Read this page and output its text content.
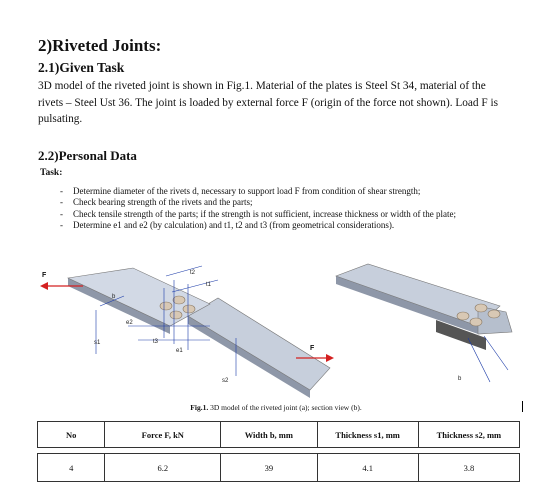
2)Riveted Joints:
2.1)Given Task
3D model of the riveted joint is shown in Fig.1. Material of the plates is Steel St 34, material of the rivets – Steel Ust 36. The joint is loaded by external force F (origin of the force not shown). Load F is pulsating.
2.2)Personal Data
Task:
- Determine diameter of the rivets d, necessary to support load F from condition of shear strength;
- Check bearing strength of the rivets and the parts;
- Check tensile strength of the parts; if the strength is not sufficient, increase thickness or width of the plate;
- Determine e1 and e2 (by calculation) and t1, t2 and t3 (from geometrical considerations).
F
F
s1
e2
t3
e1
t2
t1
s2
b
b
Fig.1. 3D model of the riveted joint (a); section view (b).
No	Force F, kN	Width b, mm	Thickness s1, mm	Thickness s2, mm

4	6.2	39	4.1	3.8
